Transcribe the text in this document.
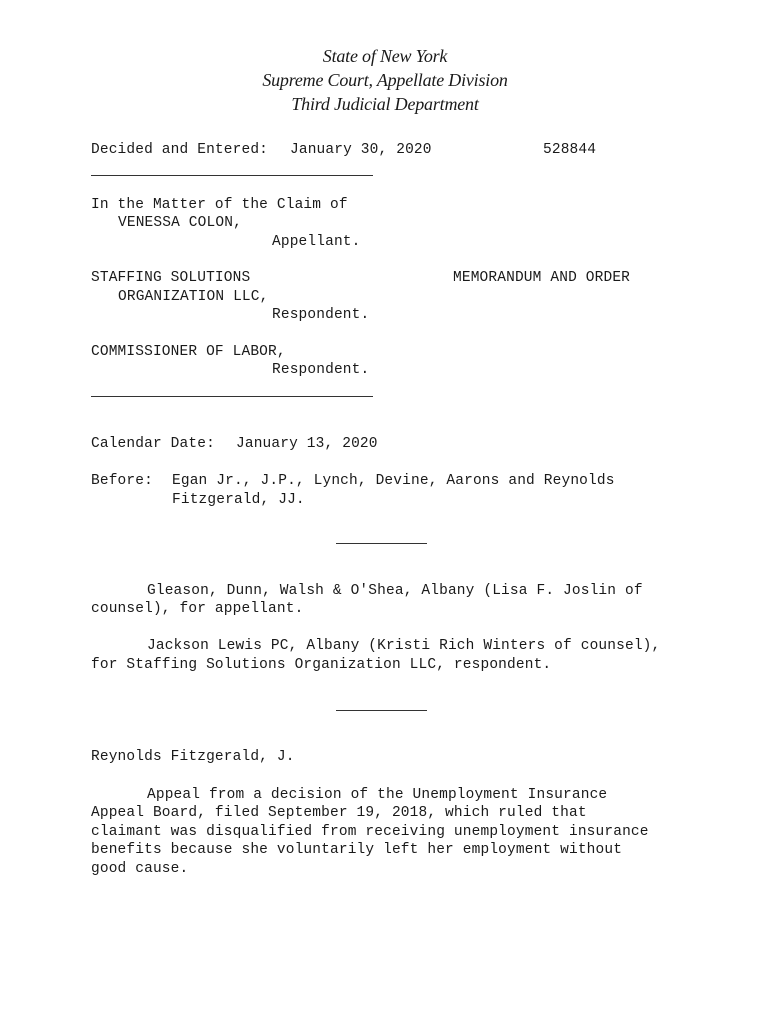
State of New York
Supreme Court, Appellate Division
Third Judicial Department
Decided and Entered: January 30, 2020	528844
In the Matter of the Claim of
VENESSA COLON,
Appellant.
STAFFING SOLUTIONS	MEMORANDUM AND ORDER
ORGANIZATION LLC,
Respondent.
COMMISSIONER OF LABOR,
Respondent.
Calendar Date: January 13, 2020
Before: Egan Jr., J.P., Lynch, Devine, Aarons and Reynolds
Fitzgerald, JJ.
Gleason, Dunn, Walsh & O'Shea, Albany (Lisa F. Joslin of
counsel), for appellant.
Jackson Lewis PC, Albany (Kristi Rich Winters of counsel),
for Staffing Solutions Organization LLC, respondent.
Reynolds Fitzgerald, J.
Appeal from a decision of the Unemployment Insurance
Appeal Board, filed September 19, 2018, which ruled that
claimant was disqualified from receiving unemployment insurance
benefits because she voluntarily left her employment without
good cause.
